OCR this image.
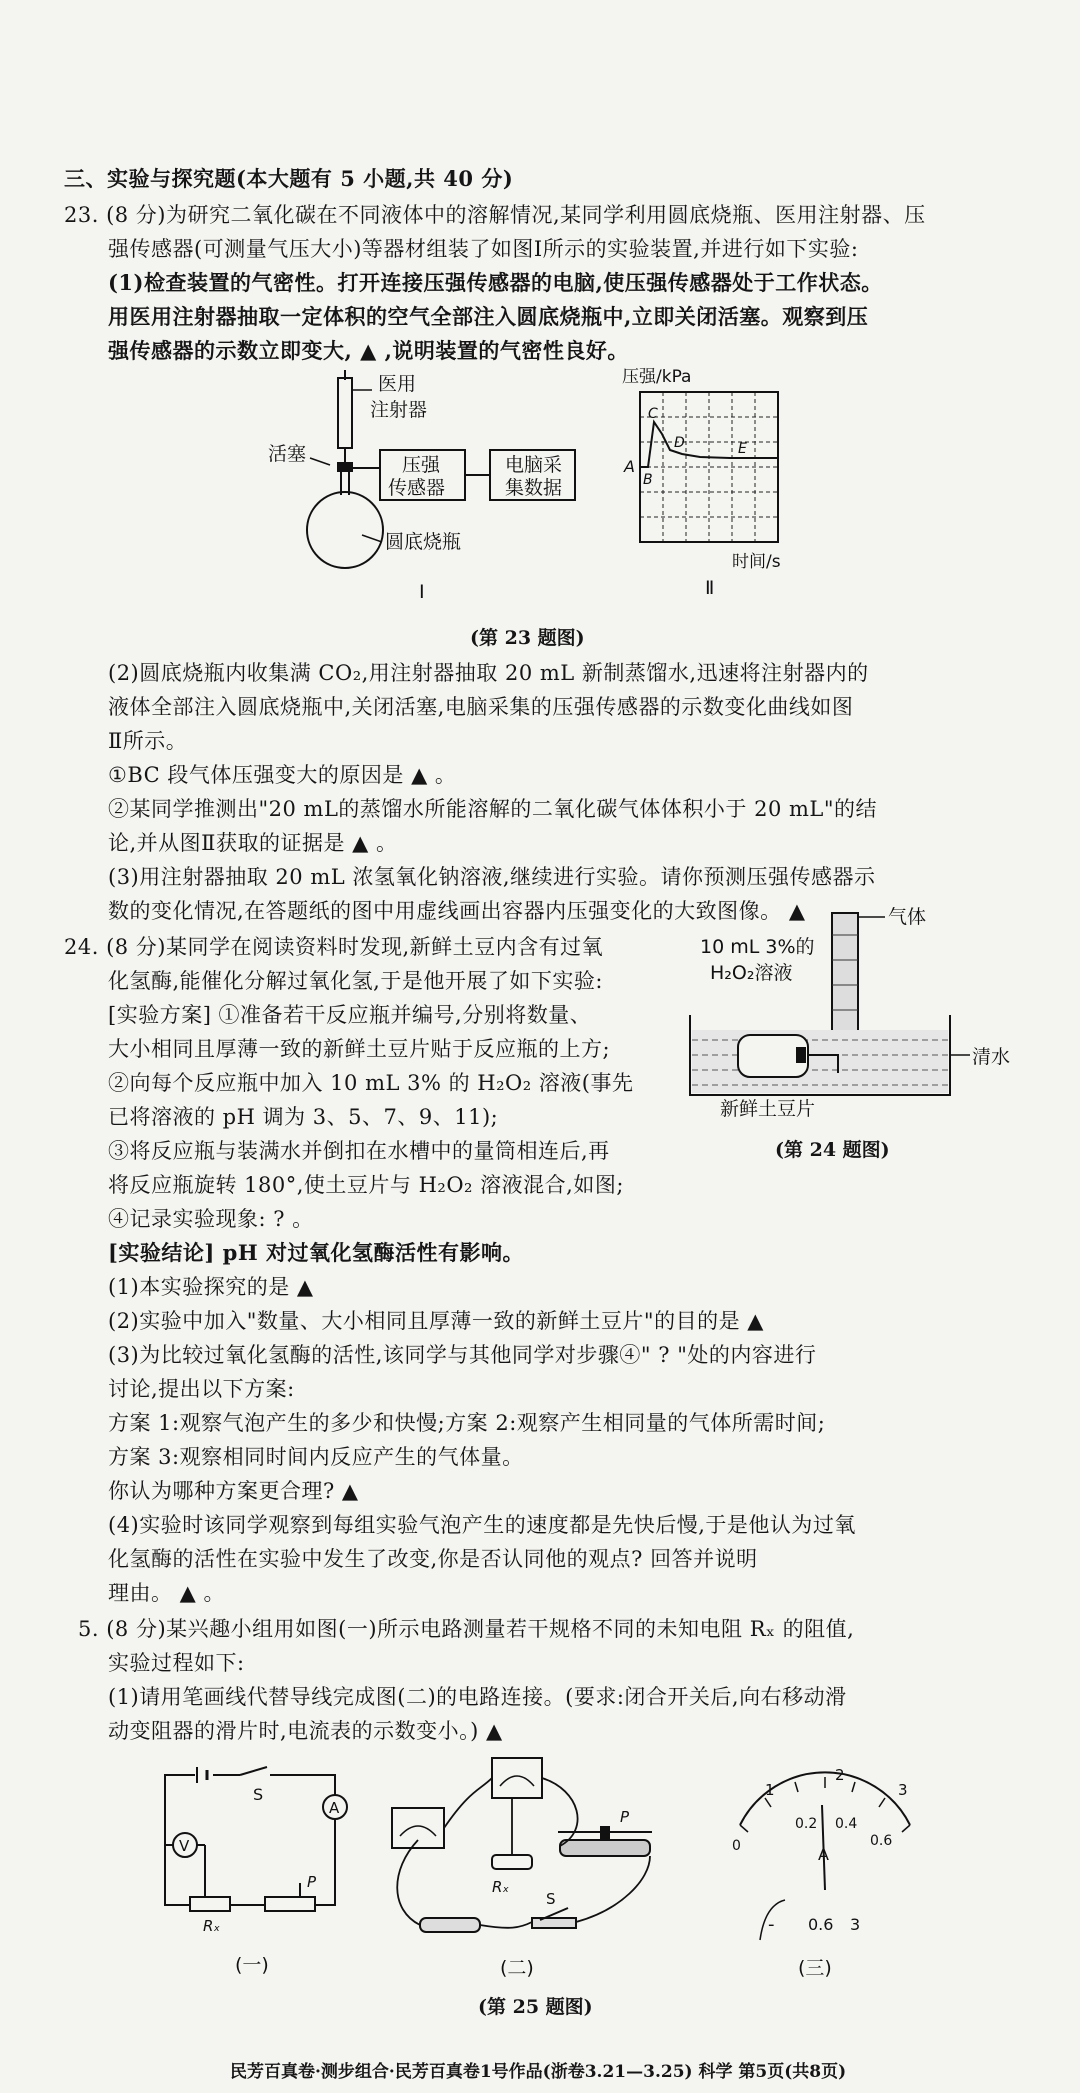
三、实验与探究题(本大题有 5 小题,共 40 分)
23. (8 分)为研究二氧化碳在不同液体中的溶解情况,某同学利用圆底烧瓶、医用注射器、压
强传感器(可测量气压大小)等器材组装了如图I所示的实验装置,并进行如下实验:
(1)检查装置的气密性。打开连接压强传感器的电脑,使压强传感器处于工作状态。
用医用注射器抽取一定体积的空气全部注入圆底烧瓶中,立即关闭活塞。观察到压
强传感器的示数立即变大, ▲ ,说明装置的气密性良好。
医用
注射器
活塞	压强
传感器
电脑采
集数据
圆底烧瓶
I
压强/kPa
A
B
C
D	E
时间/s
Ⅱ
(第 23 题图)
(2)圆底烧瓶内收集满 CO₂,用注射器抽取 20 mL 新制蒸馏水,迅速将注射器内的
液体全部注入圆底烧瓶中,关闭活塞,电脑采集的压强传感器的示数变化曲线如图
Ⅱ所示。
①BC 段气体压强变大的原因是 ▲ 。
②某同学推测出"20 mL的蒸馏水所能溶解的二氧化碳气体体积小于 20 mL"的结
论,并从图Ⅱ获取的证据是 ▲ 。
(3)用注射器抽取 20 mL 浓氢氧化钠溶液,继续进行实验。请你预测压强传感器示
数的变化情况,在答题纸的图中用虚线画出容器内压强变化的大致图像。 ▲
24. (8 分)某同学在阅读资料时发现,新鲜土豆内含有过氧
化氢酶,能催化分解过氧化氢,于是他开展了如下实验:
[实验方案] ①准备若干反应瓶并编号,分别将数量、
大小相同且厚薄一致的新鲜土豆片贴于反应瓶的上方;
②向每个反应瓶中加入 10 mL 3% 的 H₂O₂ 溶液(事先
已将溶液的 pH 调为 3、5、7、9、11);
③将反应瓶与装满水并倒扣在水槽中的量筒相连后,再
将反应瓶旋转 180°,使土豆片与 H₂O₂ 溶液混合,如图;
④记录实验现象: ? 。
气体
清水
10 mL 3%的
H₂O₂溶液
新鲜土豆片
(第 24 题图)
[实验结论] pH 对过氧化氢酶活性有影响。
(1)本实验探究的是 ▲
(2)实验中加入"数量、大小相同且厚薄一致的新鲜土豆片"的目的是 ▲
(3)为比较过氧化氢酶的活性,该同学与其他同学对步骤④" ? "处的内容进行
讨论,提出以下方案:
方案 1:观察气泡产生的多少和快慢;方案 2:观察产生相同量的气体所需时间;
方案 3:观察相同时间内反应产生的气体量。
你认为哪种方案更合理? ▲
(4)实验时该同学观察到每组实验气泡产生的速度都是先快后慢,于是他认为过氧
化氢酶的活性在实验中发生了改变,你是否认同他的观点? 回答并说明
理由。 ▲ 。
5. (8 分)某兴趣小组用如图(一)所示电路测量若干规格不同的未知电阻 Rₓ 的阻值,
实验过程如下:
(1)请用笔画线代替导线完成图(二)的电路连接。(要求:闭合开关后,向右移动滑
动变阻器的滑片时,电流表的示数变小。) ▲
S
A
V
Rₓ
P
(一)
Rₓ
P
S
(二)
1
2
3
0
0.2 0.4
0.6
A
- 0.6 3
(三)
(第 25 题图)
民芳百真卷·测步组合·民芳百真卷1号作品(浙卷3.21—3.25) 科学 第5页(共8页)
